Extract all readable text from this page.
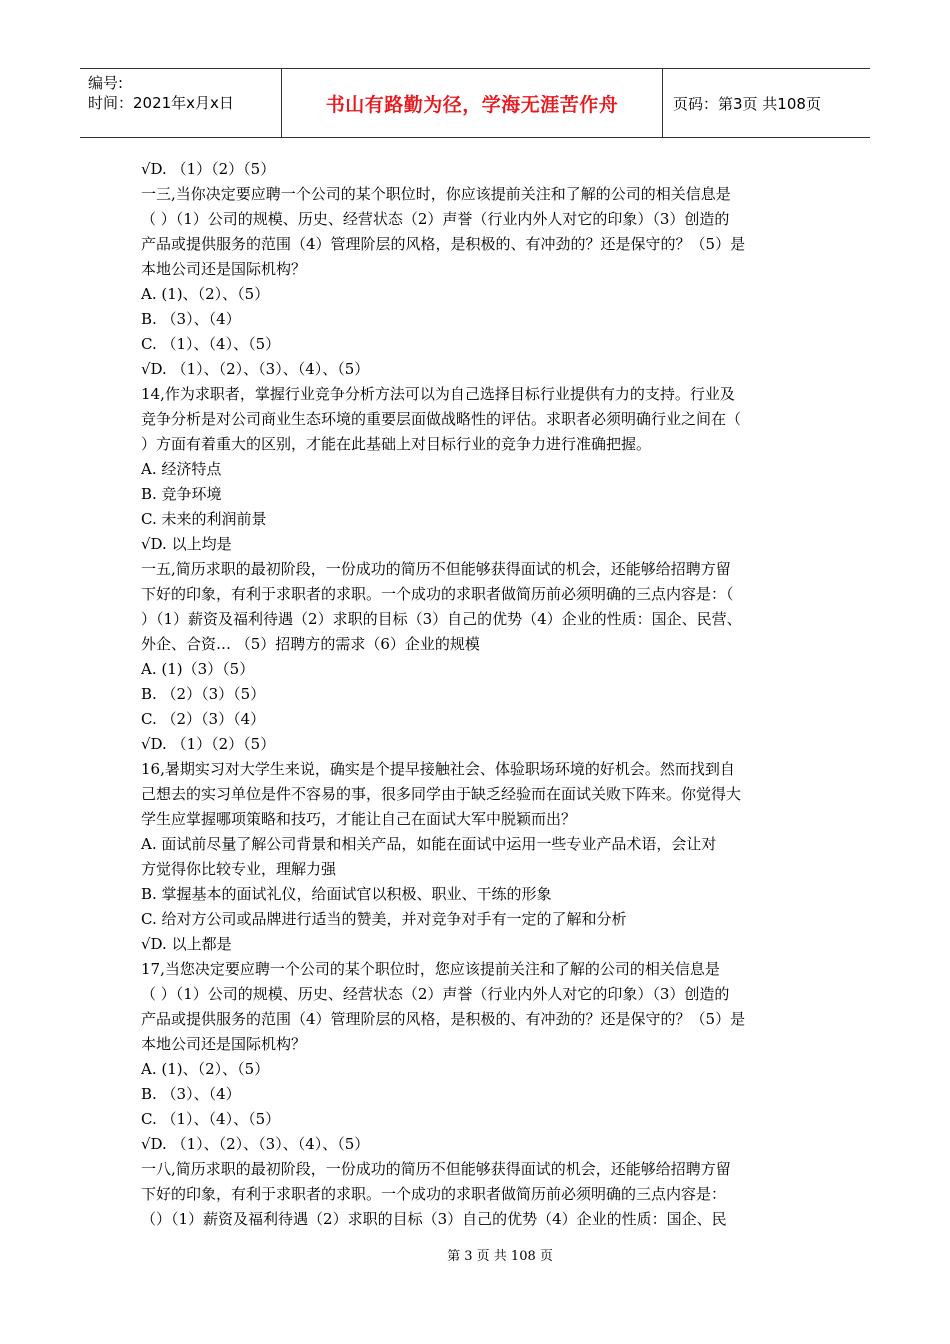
编号:
时间：2021年x月x日	书山有路勤为径，学海无涯苦作舟	页码：第3页 共108页
√D. （1）（2）（5）
一三,当你决定要应聘一个公司的某个职位时，你应该提前关注和了解的公司的相关信息是
（ ）（1）公司的规模、历史、经营状态（2）声誉（行业内外人对它的印象）（3）创造的
产品或提供服务的范围（4）管理阶层的风格，是积极的、有冲劲的？还是保守的？（5）是
本地公司还是国际机构？
A. (1)、（2）、（5）
B. （3）、（4）
C. （1）、（4）、（5）
√D. （1）、（2）、（3）、（4）、（5）
14,作为求职者，掌握行业竞争分析方法可以为自己选择目标行业提供有力的支持。行业及
竞争分析是对公司商业生态环境的重要层面做战略性的评估。求职者必须明确行业之间在（
）方面有着重大的区别，才能在此基础上对目标行业的竞争力进行准确把握。
A. 经济特点
B. 竞争环境
C. 未来的利润前景
√D. 以上均是
一五,简历求职的最初阶段，一份成功的简历不但能够获得面试的机会，还能够给招聘方留
下好的印象，有利于求职者的求职。一个成功的求职者做简历前必须明确的三点内容是：（
）（1）薪资及福利待遇（2）求职的目标（3）自己的优势（4）企业的性质：国企、民营、
外企、合资… （5）招聘方的需求（6）企业的规模
A. (1)（3）（5）
B. （2）（3）（5）
C. （2）（3）（4）
√D. （1）（2）（5）
16,暑期实习对大学生来说，确实是个提早接触社会、体验职场环境的好机会。然而找到自
己想去的实习单位是件不容易的事，很多同学由于缺乏经验而在面试关败下阵来。你觉得大
学生应掌握哪项策略和技巧，才能让自己在面试大军中脱颖而出？
A. 面试前尽量了解公司背景和相关产品，如能在面试中运用一些专业产品术语，会让对
方觉得你比较专业，理解力强
B. 掌握基本的面试礼仪，给面试官以积极、职业、干练的形象
C. 给对方公司或品牌进行适当的赞美，并对竞争对手有一定的了解和分析
√D. 以上都是
17,当您决定要应聘一个公司的某个职位时，您应该提前关注和了解的公司的相关信息是
（ ）（1）公司的规模、历史、经营状态（2）声誉（行业内外人对它的印象）（3）创造的
产品或提供服务的范围（4）管理阶层的风格，是积极的、有冲劲的？还是保守的？（5）是
本地公司还是国际机构？
A. (1)、（2）、（5）
B. （3）、（4）
C. （1）、（4）、（5）
√D. （1）、（2）、（3）、（4）、（5）
一八,简历求职的最初阶段，一份成功的简历不但能够获得面试的机会，还能够给招聘方留
下好的印象，有利于求职者的求职。一个成功的求职者做简历前必须明确的三点内容是：
（）（1）薪资及福利待遇（2）求职的目标（3）自己的优势（4）企业的性质：国企、民
第 3 页 共 108 页
